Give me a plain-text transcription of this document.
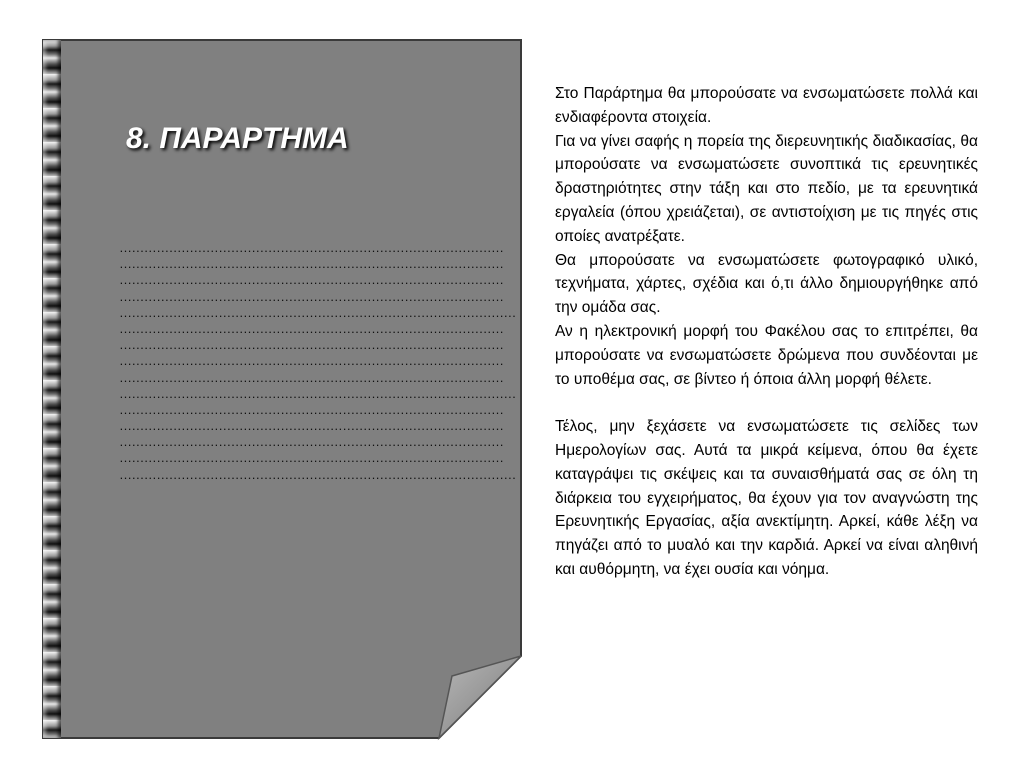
8. ΠΑΡΑΡΤΗΜΑ
…………………………………………………………………………………
…………………………………………………………………………………
…………………………………………………………………………………
…………………………………………………………………………………
……………………………………………………………………………………
…………………………………………………………………………………
…………………………………………………………………………………
…………………………………………………………………………………
…………………………………………………………………………………
……………………………………………………………………………………
…………………………………………………………………………………
…………………………………………………………………………………
…………………………………………………………………………………
…………………………………………………………………………………
……………………………………………………………………………………

Στο Παράρτημα θα μπορούσατε να ενσωματώσετε πολλά και ενδιαφέροντα στοιχεία.

Για να γίνει σαφής η πορεία της διερευνητικής διαδικασίας, θα μπορούσατε να ενσωματώσετε συνοπτικά τις ερευνητικές δραστηριότητες στην τάξη και στο πεδίο, με τα ερευνητικά εργαλεία (όπου χρειάζεται), σε αντιστοίχιση με τις πηγές στις οποίες ανατρέξατε.

Θα μπορούσατε να ενσωματώσετε φωτογραφικό υλικό, τεχνήματα, χάρτες, σχέδια και ό,τι άλλο δημιουργήθηκε από την ομάδα σας.

Αν η ηλεκτρονική μορφή του Φακέλου σας το επιτρέπει, θα μπορούσατε να ενσωματώσετε δρώμενα που συνδέονται με το υποθέμα σας, σε βίντεο ή όποια άλλη μορφή θέλετε.

Τέλος, μην ξεχάσετε να ενσωματώσετε τις σελίδες των Ημερολογίων σας. Αυτά τα μικρά κείμενα, όπου θα έχετε καταγράψει τις σκέψεις και τα συναισθήματά σας σε όλη τη διάρκεια του εγχειρήματος, θα έχουν για τον αναγνώστη της Ερευνητικής Εργασίας, αξία ανεκτίμητη. Αρκεί, κάθε λέξη να πηγάζει από το μυαλό και την καρδιά. Αρκεί να είναι αληθινή και αυθόρμητη, να έχει ουσία και νόημα.
